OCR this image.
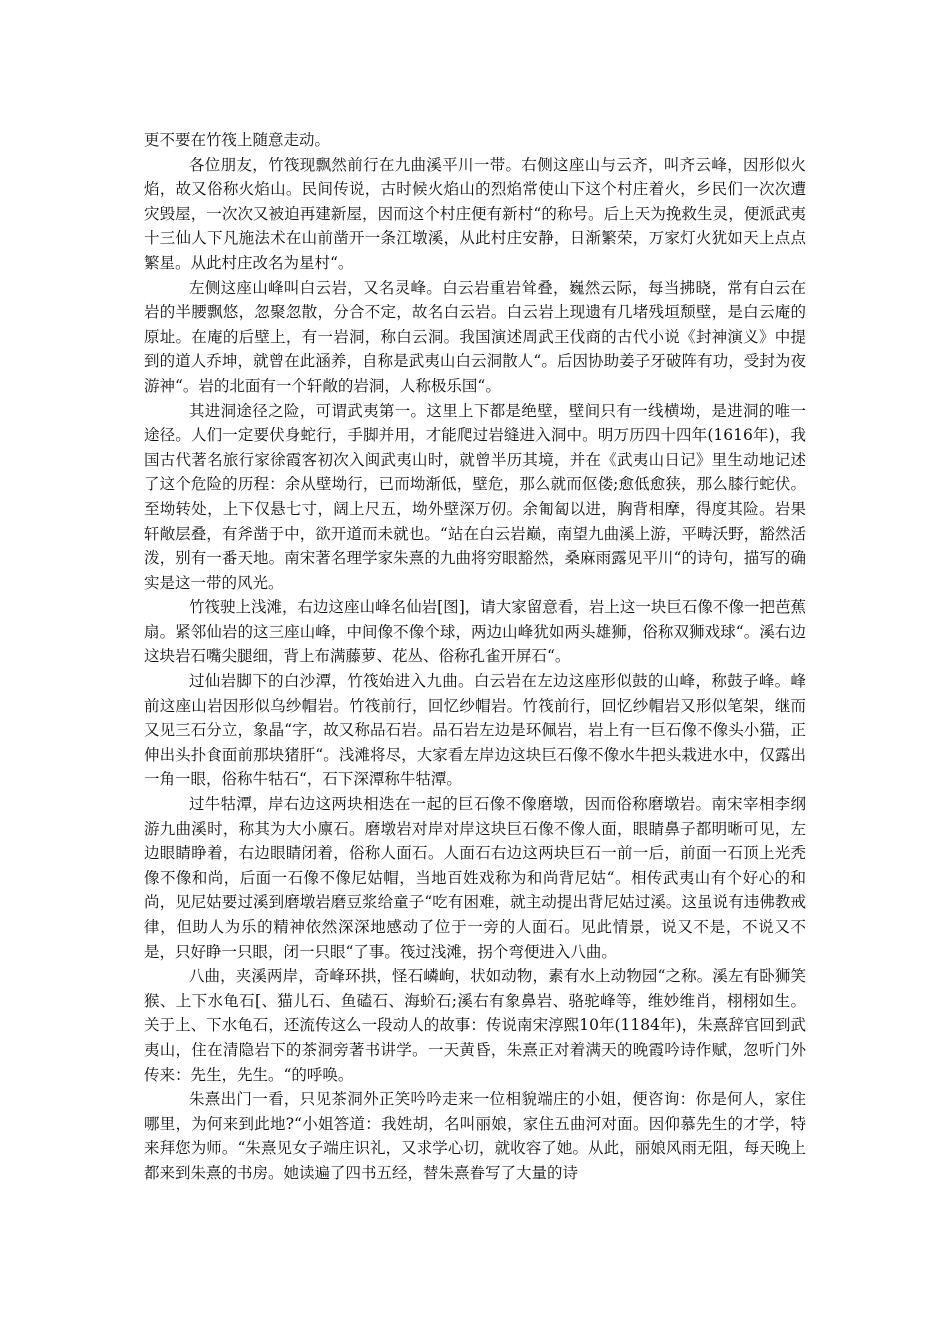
更不要在竹筏上随意走动。

各位朋友，竹筏现飘然前行在九曲溪平川一带。右侧这座山与云齐，叫齐云峰，因形似火焰，故又俗称火焰山。民间传说，古时候火焰山的烈焰常使山下这个村庄着火，乡民们一次次遭灾毁屋，一次次又被迫再建新屋，因而这个村庄便有新村“的称号。后上天为挽救生灵，便派武夷十三仙人下凡施法术在山前凿开一条江墩溪，从此村庄安静，日渐繁荣，万家灯火犹如天上点点繁星。从此村庄改名为星村“。

左侧这座山峰叫白云岩，又名灵峰。白云岩重岩耸叠，巍然云际，每当拂晓，常有白云在岩的半腰飘悠，忽聚忽散，分合不定，故名白云岩。白云岩上现遗有几堵残垣颓壁，是白云庵的原址。在庵的后壁上，有一岩洞，称白云洞。我国演述周武王伐商的古代小说《封神演义》中提到的道人乔坤，就曾在此涵养，自称是武夷山白云洞散人“。后因协助姜子牙破阵有功，受封为夜游神“。岩的北面有一个轩敞的岩洞，人称极乐国“。

其进洞途径之险，可谓武夷第一。这里上下都是绝壁，壁间只有一线横坳，是进洞的唯一途径。人们一定要伏身蛇行，手脚并用，才能爬过岩缝进入洞中。明万历四十四年(1616年)，我国古代著名旅行家徐霞客初次入闽武夷山时，就曾半历其境，并在《武夷山日记》里生动地记述了这个危险的历程：余从壁坳行，已而坳渐低，壁危，那么就而伛偻;愈低愈狭，那么膝行蛇伏。至坳转处，上下仅悬七寸，阔上尺五，坳外壁深万仞。余匍匐以进，胸背相摩，得度其险。岩果轩敞层叠，有斧凿于中，欲开道而未就也。“站在白云岩巅，南望九曲溪上游，平畴沃野，豁然活泼，别有一番天地。南宋著名理学家朱熹的九曲将穷眼豁然，桑麻雨露见平川“的诗句，描写的确实是这一带的风光。

竹筏驶上浅滩，右边这座山峰名仙岩[图]，请大家留意看，岩上这一块巨石像不像一把芭蕉扇。紧邻仙岩的这三座山峰，中间像不像个球，两边山峰犹如两头雄狮，俗称双狮戏球“。溪右边这块岩石嘴尖腿细，背上布满藤萝、花丛、俗称孔雀开屏石“。

过仙岩脚下的白沙潭，竹筏始进入九曲。白云岩在左边这座形似鼓的山峰，称鼓子峰。峰前这座山岩因形似乌纱帽岩。竹筏前行，回忆纱帽岩。竹筏前行，回忆纱帽岩又形似笔架，继而又见三石分立，象晶“字，故又称品石岩。品石岩左边是环佩岩，岩上有一巨石像不像头小猫，正伸出头扑食面前那块猪肝“。浅滩将尽，大家看左岸边这块巨石像不像水牛把头栽进水中，仅露出一角一眼，俗称牛牯石“，石下深潭称牛牯潭。

过牛牯潭，岸右边这两块相迭在一起的巨石像不像磨墩，因而俗称磨墩岩。南宋宰相李纲游九曲溪时，称其为大小廪石。磨墩岩对岸对岸这块巨石像不像人面，眼睛鼻子都明晰可见，左边眼睛睁着，右边眼睛闭着，俗称人面石。人面石右边这两块巨石一前一后，前面一石顶上光秃像不像和尚，后面一石像不像尼姑帽，当地百姓戏称为和尚背尼姑“。相传武夷山有个好心的和尚，见尼姑要过溪到磨墩岩磨豆浆给童子“吃有困难，就主动提出背尼姑过溪。这虽说有违佛教戒律，但助人为乐的精神依然深深地感动了位于一旁的人面石。见此情景，说又不是，不说又不是，只好睁一只眼，闭一只眼“了事。筏过浅滩，拐个弯便进入八曲。

八曲，夹溪两岸，奇峰环拱，怪石嶙峋，状如动物，素有水上动物园“之称。溪左有卧狮笑猴、上下水龟石[、猫儿石、鱼磕石、海蚧石;溪右有象鼻岩、骆驼峰等，维妙维肖，栩栩如生。关于上、下水龟石，还流传这么一段动人的故事：传说南宋淳熙10年(1184年)，朱熹辞官回到武夷山，住在清隐岩下的茶洞旁著书讲学。一天黄昏，朱熹正对着满天的晚霞吟诗作赋，忽听门外传来：先生，先生。“的呼唤。

朱熹出门一看，只见茶洞外正笑吟吟走来一位相貌端庄的小姐，便咨询：你是何人，家住哪里，为何来到此地?“小姐答道：我姓胡，名叫丽娘，家住五曲河对面。因仰慕先生的才学，特来拜您为师。“朱熹见女子端庄识礼，又求学心切，就收容了她。从此，丽娘风雨无阻，每天晚上都来到朱熹的书房。她读遍了四书五经，替朱熹眷写了大量的诗
